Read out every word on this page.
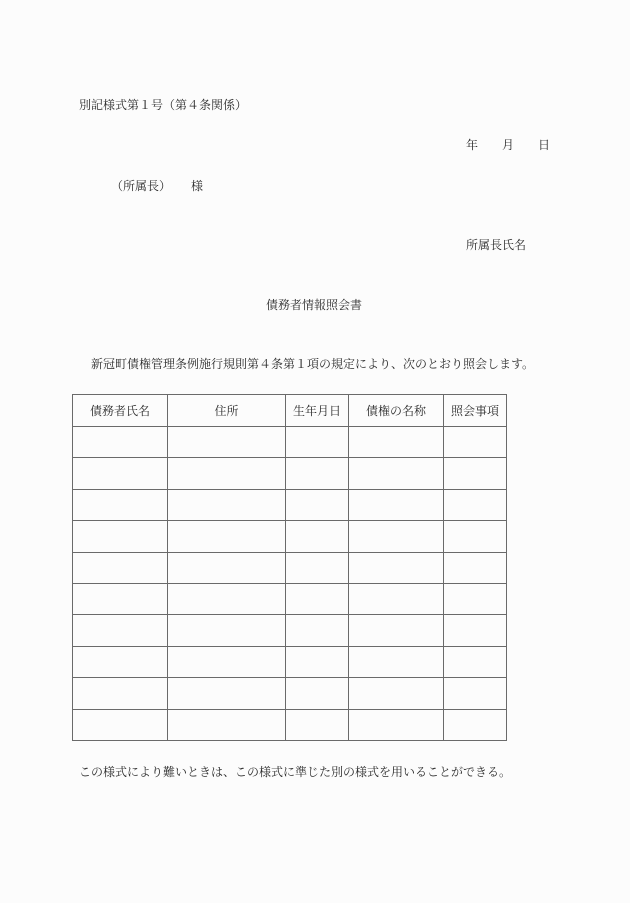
別記様式第１号（第４条関係）
年 月 日
（所属長） 様
所属長氏名
債務者情報照会書
新冠町債権管理条例施行規則第４条第１項の規定により、次のとおり照会します。
債務者氏名	住所	生年月日	債権の名称	照会事項

この様式により難いときは、この様式に準じた別の様式を用いることができる。
